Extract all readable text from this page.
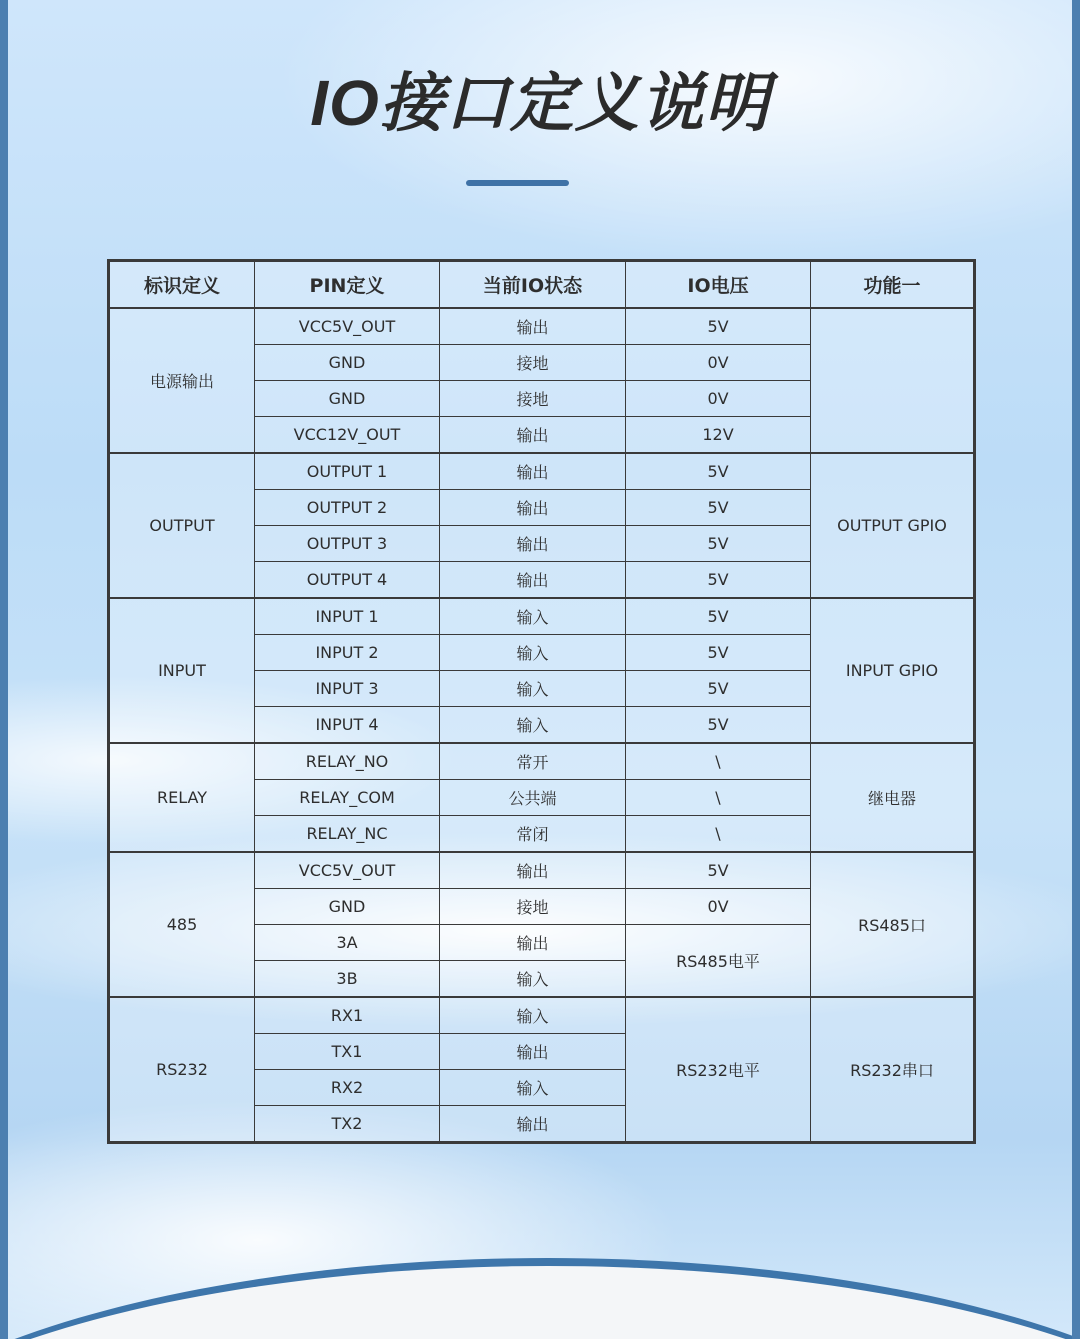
IO接口定义说明
标识定义	PIN定义	当前IO状态	IO电压	功能一
电源输出	VCC5V_OUT	输出	5V	
	GND	接地	0V	
	GND	接地	0V	
	VCC12V_OUT	输出	12V	
OUTPUT	OUTPUT 1	输出	5V	OUTPUT GPIO
	OUTPUT 2	输出	5V	
	OUTPUT 3	输出	5V	
	OUTPUT 4	输出	5V	
INPUT	INPUT 1	输入	5V	INPUT GPIO
	INPUT 2	输入	5V	
	INPUT 3	输入	5V	
	INPUT 4	输入	5V	
RELAY	RELAY_NO	常开	\	继电器
	RELAY_COM	公共端	\	
	RELAY_NC	常闭	\	
485	VCC5V_OUT	输出	5V	RS485口
	GND	接地	0V	
	3A	输出	RS485电平	
	3B	输入		
RS232	RX1	输入	RS232电平	RS232串口
	TX1	输出		
	RX2	输入		
	TX2	输出		
